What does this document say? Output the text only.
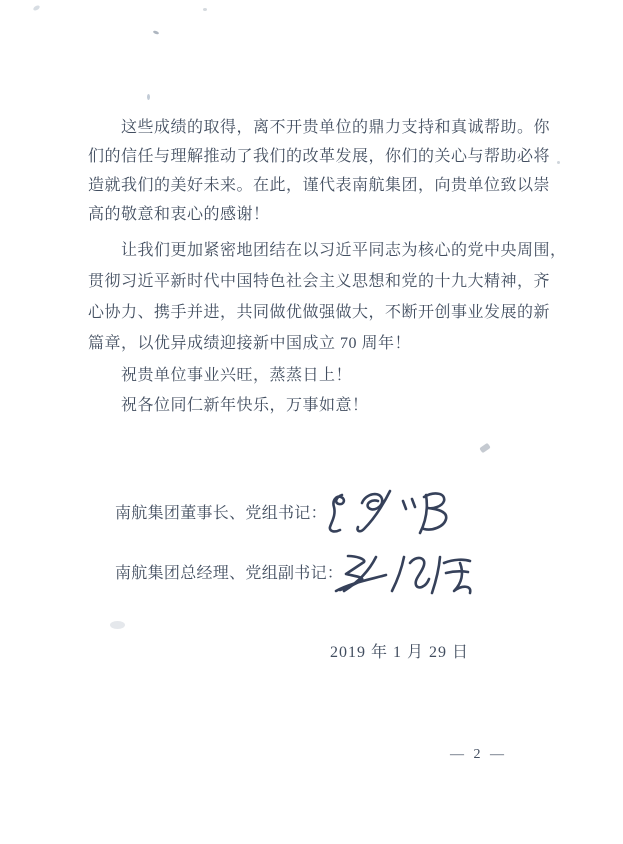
这些成绩的取得，离不开贵单位的鼎力支持和真诚帮助。你
们的信任与理解推动了我们的改革发展，你们的关心与帮助必将
造就我们的美好未来。在此，谨代表南航集团，向贵单位致以崇
高的敬意和衷心的感谢！
让我们更加紧密地团结在以习近平同志为核心的党中央周围，
贯彻习近平新时代中国特色社会主义思想和党的十九大精神，齐
心协力、携手并进，共同做优做强做大，不断开创事业发展的新
篇章，以优异成绩迎接新中国成立 70 周年！
祝贵单位事业兴旺，蒸蒸日上！
祝各位同仁新年快乐，万事如意！
南航集团董事长、党组书记：
南航集团总经理、党组副书记：
2019 年 1 月 29 日
— 2 —
